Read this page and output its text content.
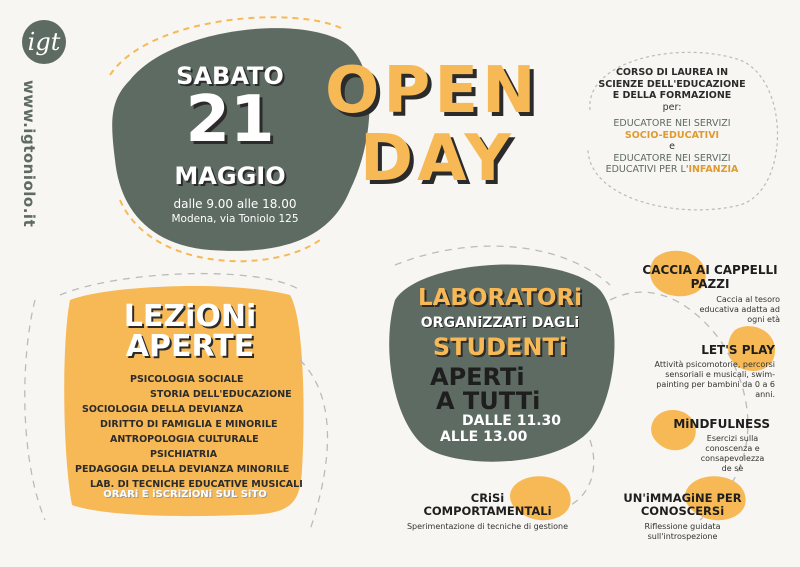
igt
www.igtoniolo.it
SABATO
21
MAGGIO
dalle 9.00 alle 18.00
Modena, via Toniolo 125
OPEN
DAY
CORSO DI LAUREA IN
SCIENZE DELL'EDUCAZIONE
E DELLA FORMAZIONE
per:
EDUCATORE NEI SERVIZI
SOCIO-EDUCATIVI
e
EDUCATORE NEI SERVIZI
EDUCATIVI PER L'INFANZIA
LEZiONi
APERTE
PSICOLOGIA SOCIALE
STORIA DELL'EDUCAZIONE
SOCIOLOGIA DELLA DEVIANZA
DIRITTO DI FAMIGLIA E MINORILE
ANTROPOLOGIA CULTURALE
PSICHIATRIA
PEDAGOGIA DELLA DEVIANZA MINORILE
LAB. DI TECNICHE EDUCATIVE MUSICALI
ORARi E iSCRiZiONi SUL SiTO
LABORATORi
ORGANiZZATi DAGLi
STUDENTi
APERTi
A TUTTi
DALLE 11.30
ALLE 13.00
CACCIA AI CAPPELLI PAZZI
Caccia al tesoro educativa adatta ad ogni età
LET'S PLAY
Attività psicomotorie, percorsi sensoriali e musicali, swim-painting per bambini da 0 a 6 anni.
MiNDFULNESS
Esercizi sulla conoscenza e consapevolezza de sè
CRiSi COMPORTAMENTALi
Sperimentazione di tecniche di gestione
UN'iMMAGiNE PER CONOSCERSi
Riflessione guidata sull'introspezione
